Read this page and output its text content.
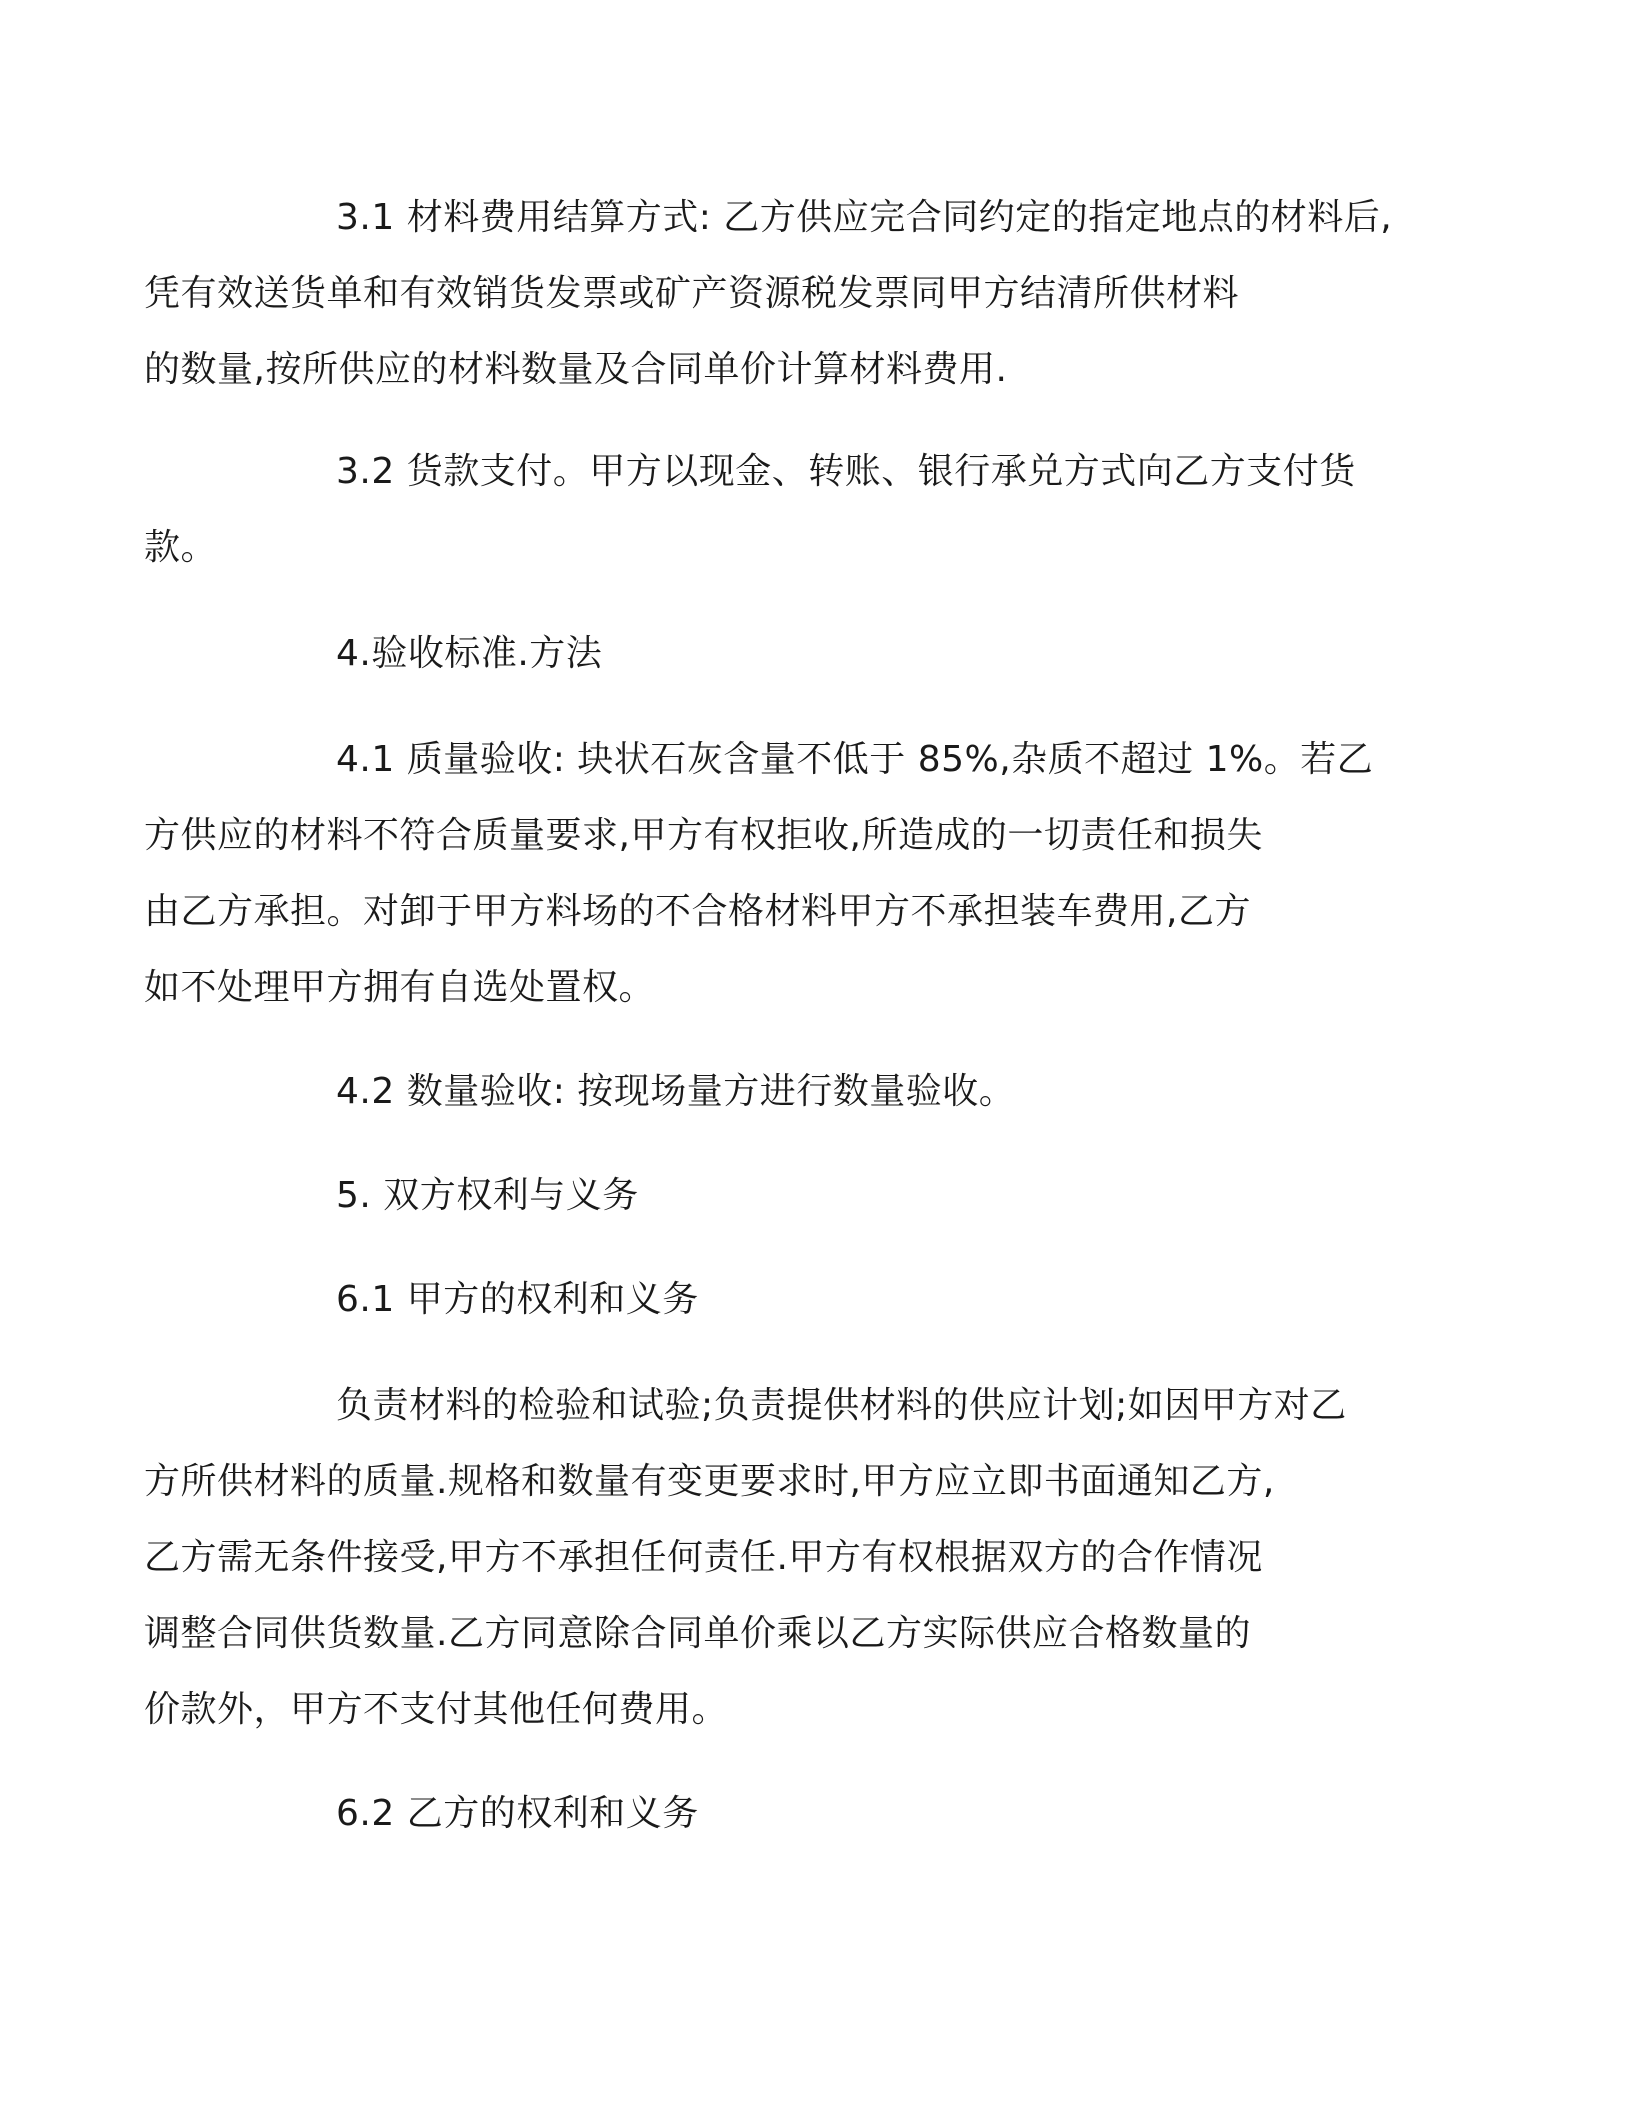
3.1 材料费用结算方式: 乙方供应完合同约定的指定地点的材料后,
凭有效送货单和有效销货发票或矿产资源税发票同甲方结清所供材料
的数量,按所供应的材料数量及合同单价计算材料费用.

3.2 货款支付。甲方以现金、转账、银行承兑方式向乙方支付货
款。

4.验收标准.方法

4.1 质量验收: 块状石灰含量不低于 85%,杂质不超过 1%。若乙
方供应的材料不符合质量要求,甲方有权拒收,所造成的一切责任和损失
由乙方承担。对卸于甲方料场的不合格材料甲方不承担装车费用,乙方
如不处理甲方拥有自选处置权。

4.2 数量验收: 按现场量方进行数量验收。

5. 双方权利与义务

6.1 甲方的权利和义务

负责材料的检验和试验;负责提供材料的供应计划;如因甲方对乙
方所供材料的质量.规格和数量有变更要求时,甲方应立即书面通知乙方,
乙方需无条件接受,甲方不承担任何责任.甲方有权根据双方的合作情况
调整合同供货数量.乙方同意除合同单价乘以乙方实际供应合格数量的
价款外，甲方不支付其他任何费用。

6.2 乙方的权利和义务
